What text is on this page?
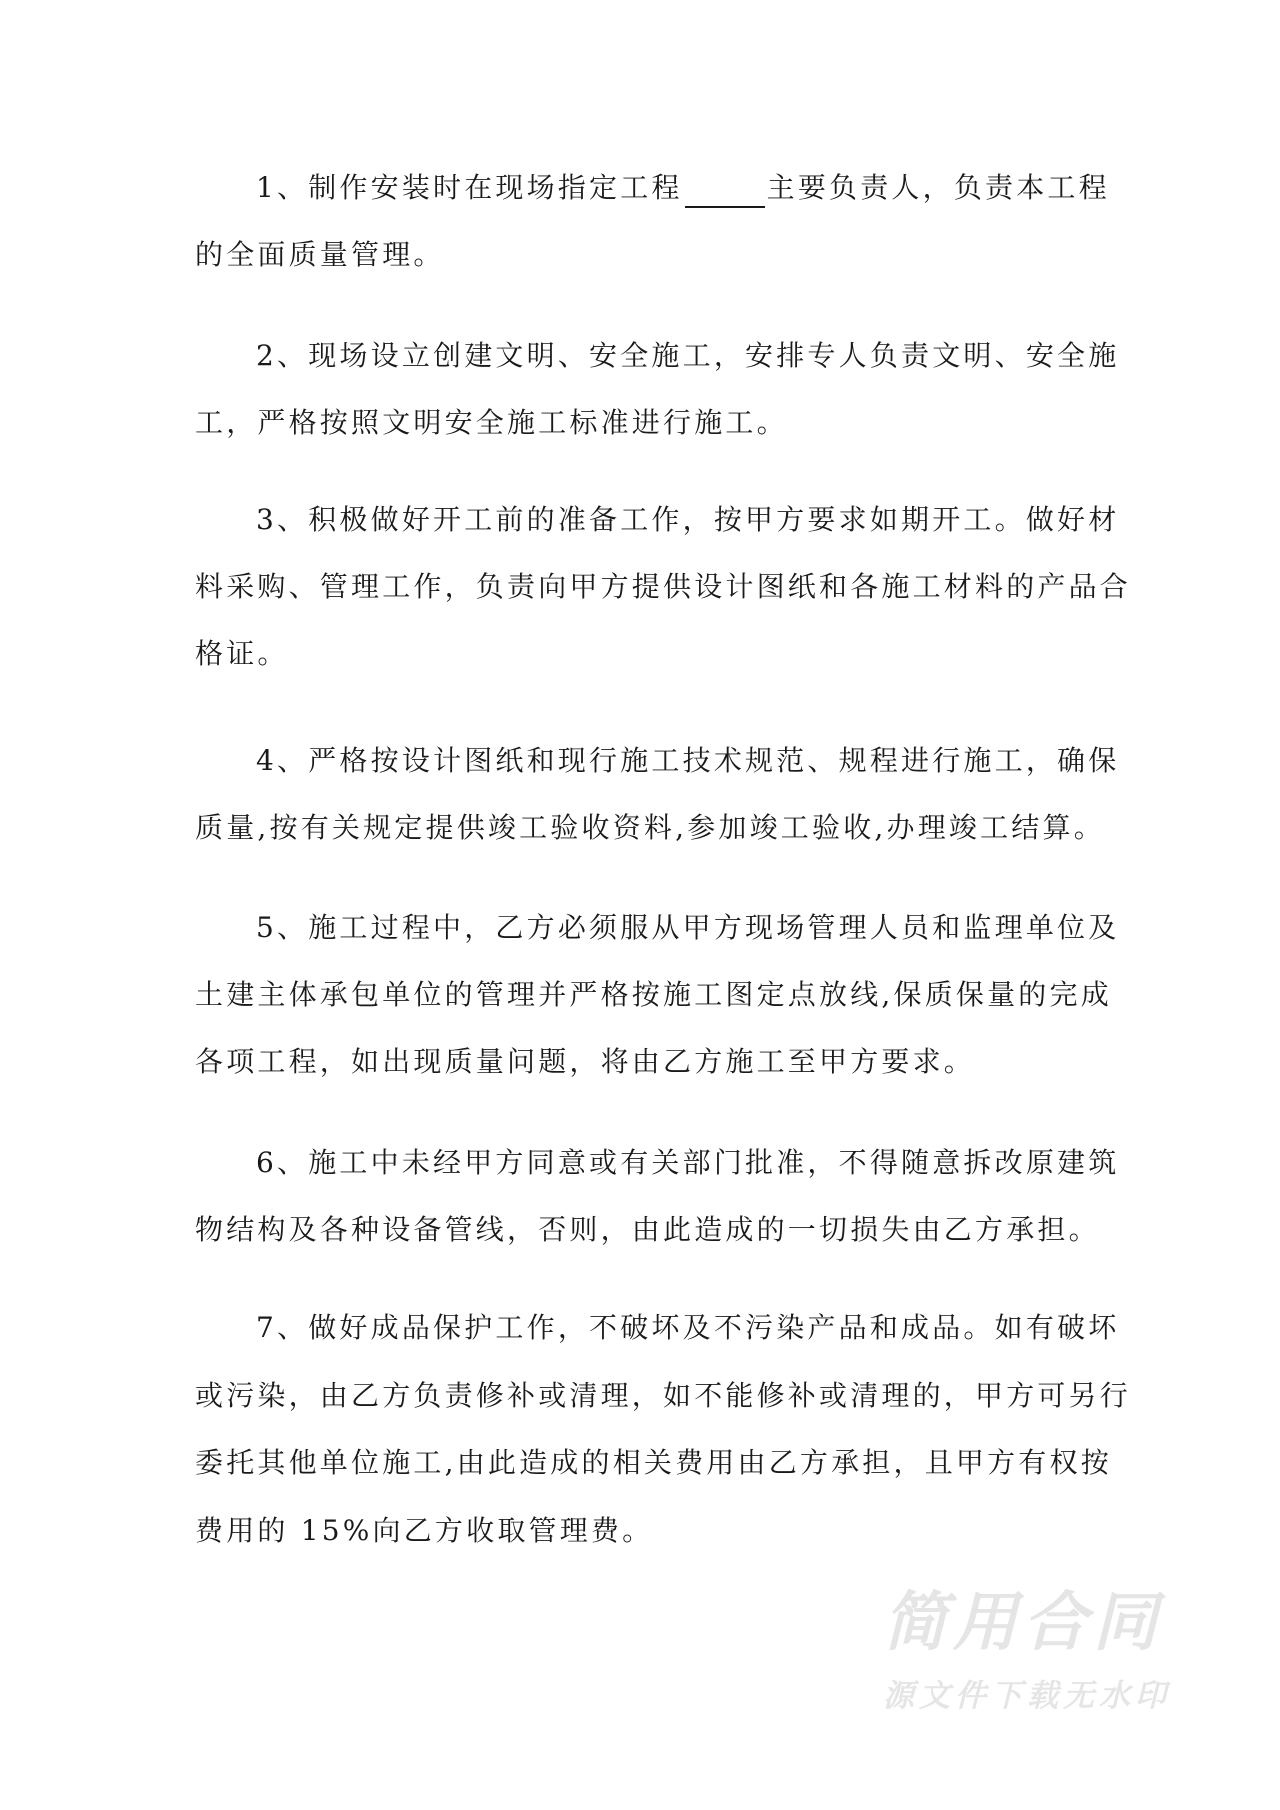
1、制作安装时在现场指定工程	主要负责人，负责本工程
的全面质量管理。
2、现场设立创建文明、安全施工，安排专人负责文明、安全施
工，严格按照文明安全施工标准进行施工。
3、积极做好开工前的准备工作，按甲方要求如期开工。做好材
料采购、管理工作，负责向甲方提供设计图纸和各施工材料的产品合
格证。
4、严格按设计图纸和现行施工技术规范、规程进行施工，确保
质量,按有关规定提供竣工验收资料,参加竣工验收,办理竣工结算。
5、施工过程中，乙方必须服从甲方现场管理人员和监理单位及
土建主体承包单位的管理并严格按施工图定点放线,保质保量的完成
各项工程，如出现质量问题，将由乙方施工至甲方要求。
6、施工中未经甲方同意或有关部门批准，不得随意拆改原建筑
物结构及各种设备管线，否则，由此造成的一切损失由乙方承担。
7、做好成品保护工作，不破坏及不污染产品和成品。如有破坏
或污染，由乙方负责修补或清理，如不能修补或清理的，甲方可另行
委托其他单位施工,由此造成的相关费用由乙方承担，且甲方有权按
费用的 15%向乙方收取管理费。
简用合同
源文件下载无水印
